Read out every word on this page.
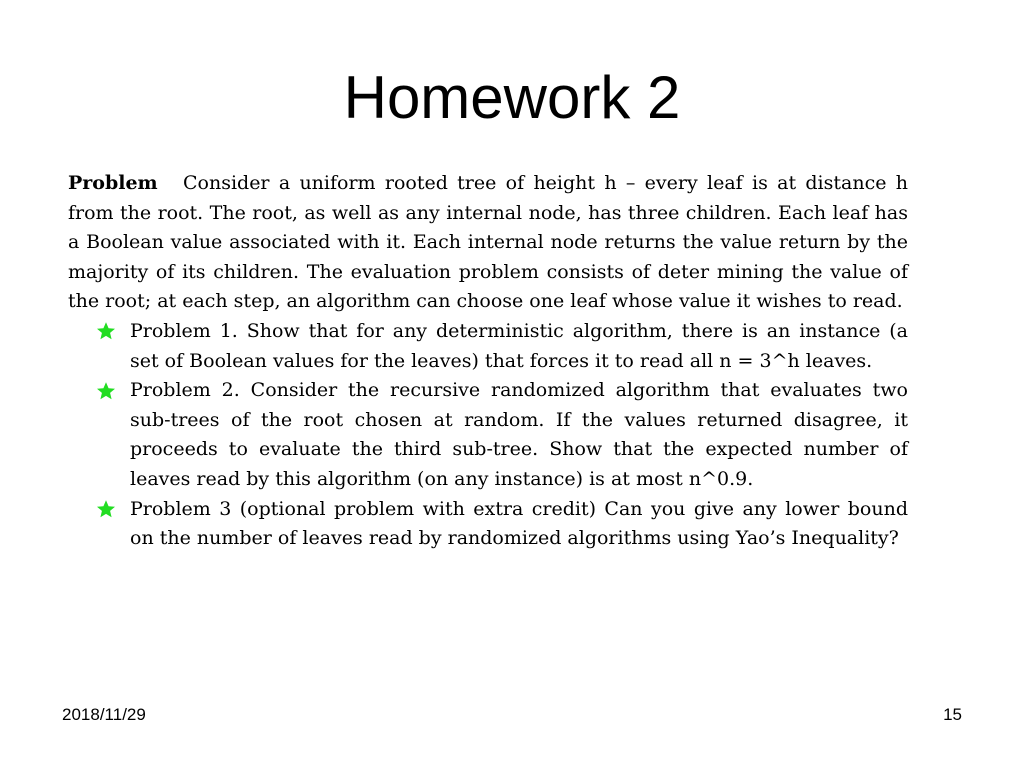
Homework 2

Problem Consider a uniform rooted tree of height h – every leaf is at distance h from the root. The root, as well as any internal node, has three children. Each leaf has a Boolean value associated with it. Each internal node returns the value return by the majority of its children. The evaluation problem consists of deter mining the value of the root; at each step, an algorithm can choose one leaf whose value it wishes to read.

Problem 1. Show that for any deterministic algorithm, there is an instance (a set of Boolean values for the leaves) that forces it to read all n = 3^h leaves.
Problem 2. Consider the recursive randomized algorithm that evaluates two sub-trees of the root chosen at random. If the values returned disagree, it proceeds to evaluate the third sub-tree. Show that the expected number of leaves read by this algorithm (on any instance) is at most n^0.9.
Problem 3 (optional problem with extra credit) Can you give any lower bound on the number of leaves read by randomized algorithms using Yao’s Inequality?
2018/11/29	15
